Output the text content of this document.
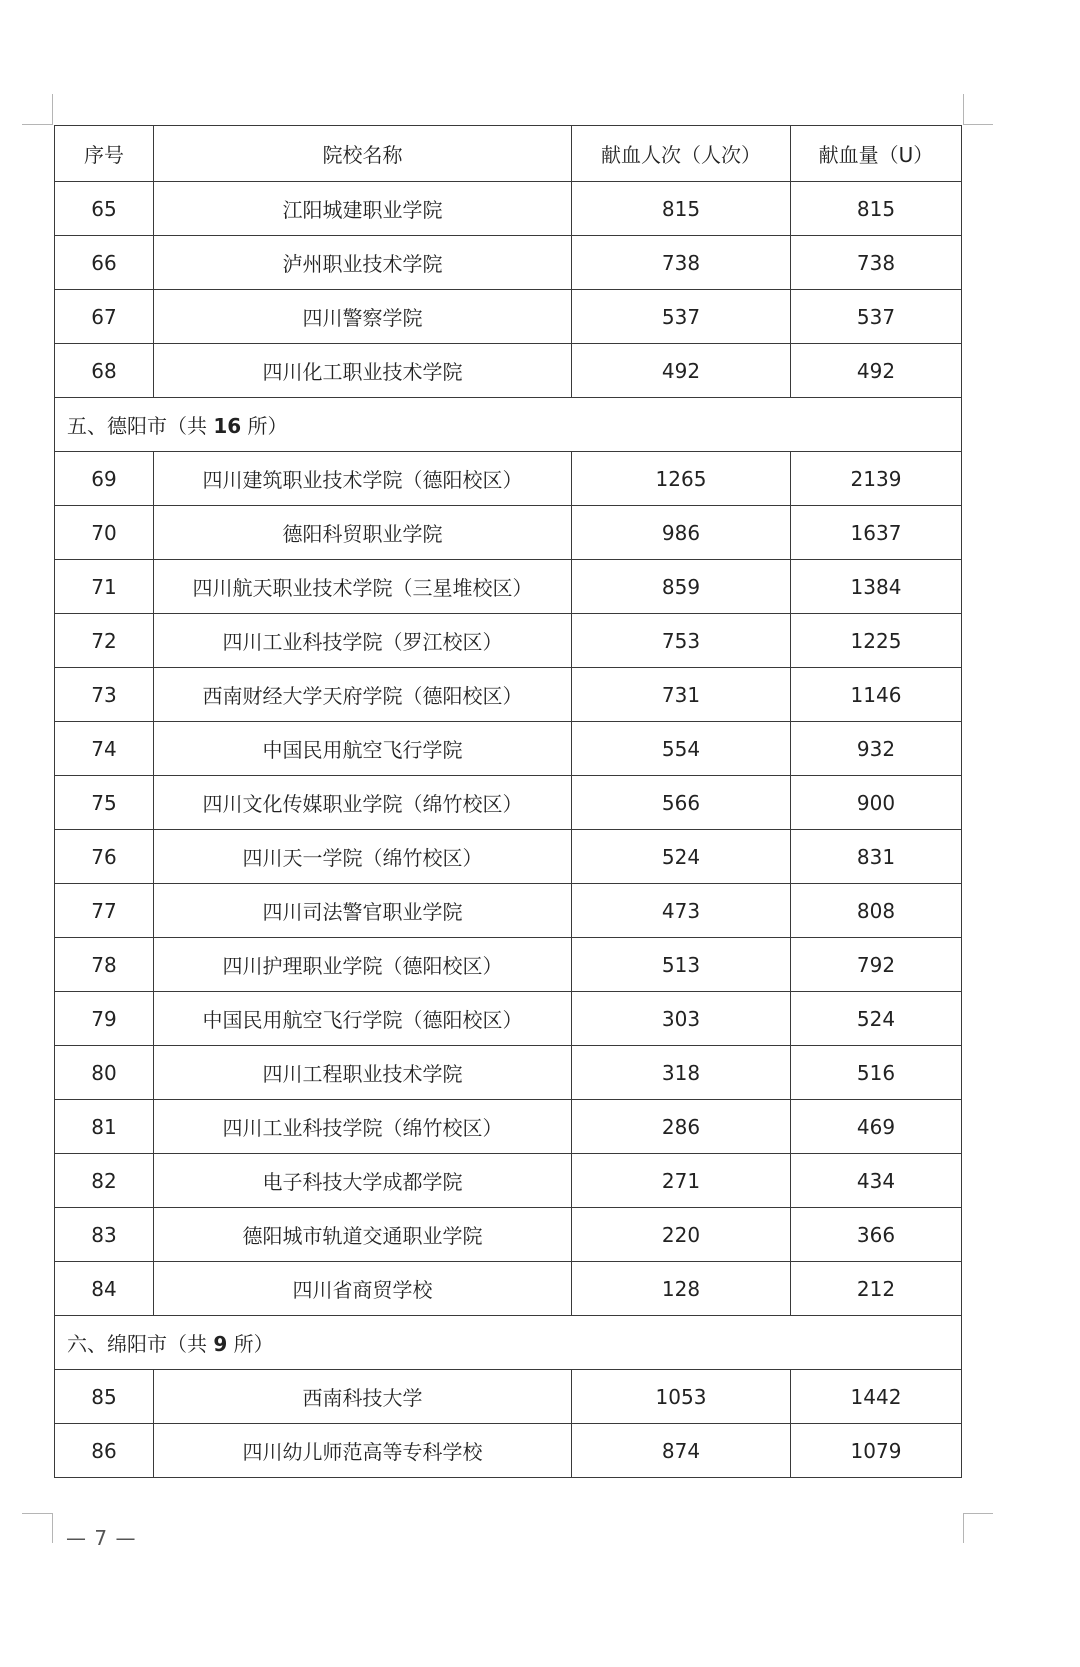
序号	院校名称	献血人次（人次）	献血量（U）
65	江阳城建职业学院	815	815
66	泸州职业技术学院	738	738
67	四川警察学院	537	537
68	四川化工职业技术学院	492	492
五、德阳市（共 16 所）			
69	四川建筑职业技术学院（德阳校区）	1265	2139
70	德阳科贸职业学院	986	1637
71	四川航天职业技术学院（三星堆校区）	859	1384
72	四川工业科技学院（罗江校区）	753	1225
73	西南财经大学天府学院（德阳校区）	731	1146
74	中国民用航空飞行学院	554	932
75	四川文化传媒职业学院（绵竹校区）	566	900
76	四川天一学院（绵竹校区）	524	831
77	四川司法警官职业学院	473	808
78	四川护理职业学院（德阳校区）	513	792
79	中国民用航空飞行学院（德阳校区）	303	524
80	四川工程职业技术学院	318	516
81	四川工业科技学院（绵竹校区）	286	469
82	电子科技大学成都学院	271	434
83	德阳城市轨道交通职业学院	220	366
84	四川省商贸学校	128	212
六、绵阳市（共 9 所）			
85	西南科技大学	1053	1442
86	四川幼儿师范高等专科学校	874	1079
— 7 —
